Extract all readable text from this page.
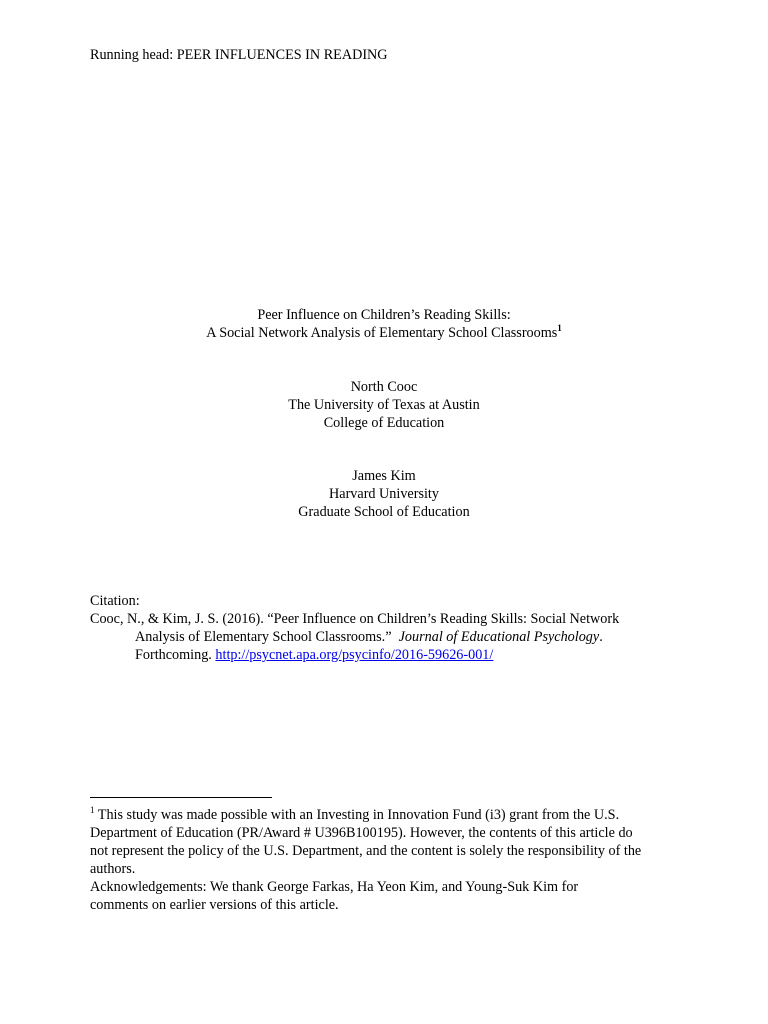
Running head: PEER INFLUENCES IN READING
Peer Influence on Children’s Reading Skills:
A Social Network Analysis of Elementary School Classrooms$^1$
North Cooc
The University of Texas at Austin
College of Education
James Kim
Harvard University
Graduate School of Education
Citation:
Cooc, N., & Kim, J. S. (2016). “Peer Influence on Children’s Reading Skills: Social Network
Analysis of Elementary School Classrooms.”  Journal of Educational Psychology.
Forthcoming. http://psycnet.apa.org/psycinfo/2016-59626-001/
$^1$ This study was made possible with an Investing in Innovation Fund (i3) grant from the U.S.
Department of Education (PR/Award # U396B100195). However, the contents of this article do
not represent the policy of the U.S. Department, and the content is solely the responsibility of the
authors.
Acknowledgements: We thank George Farkas, Ha Yeon Kim, and Young-Suk Kim for
comments on earlier versions of this article.
